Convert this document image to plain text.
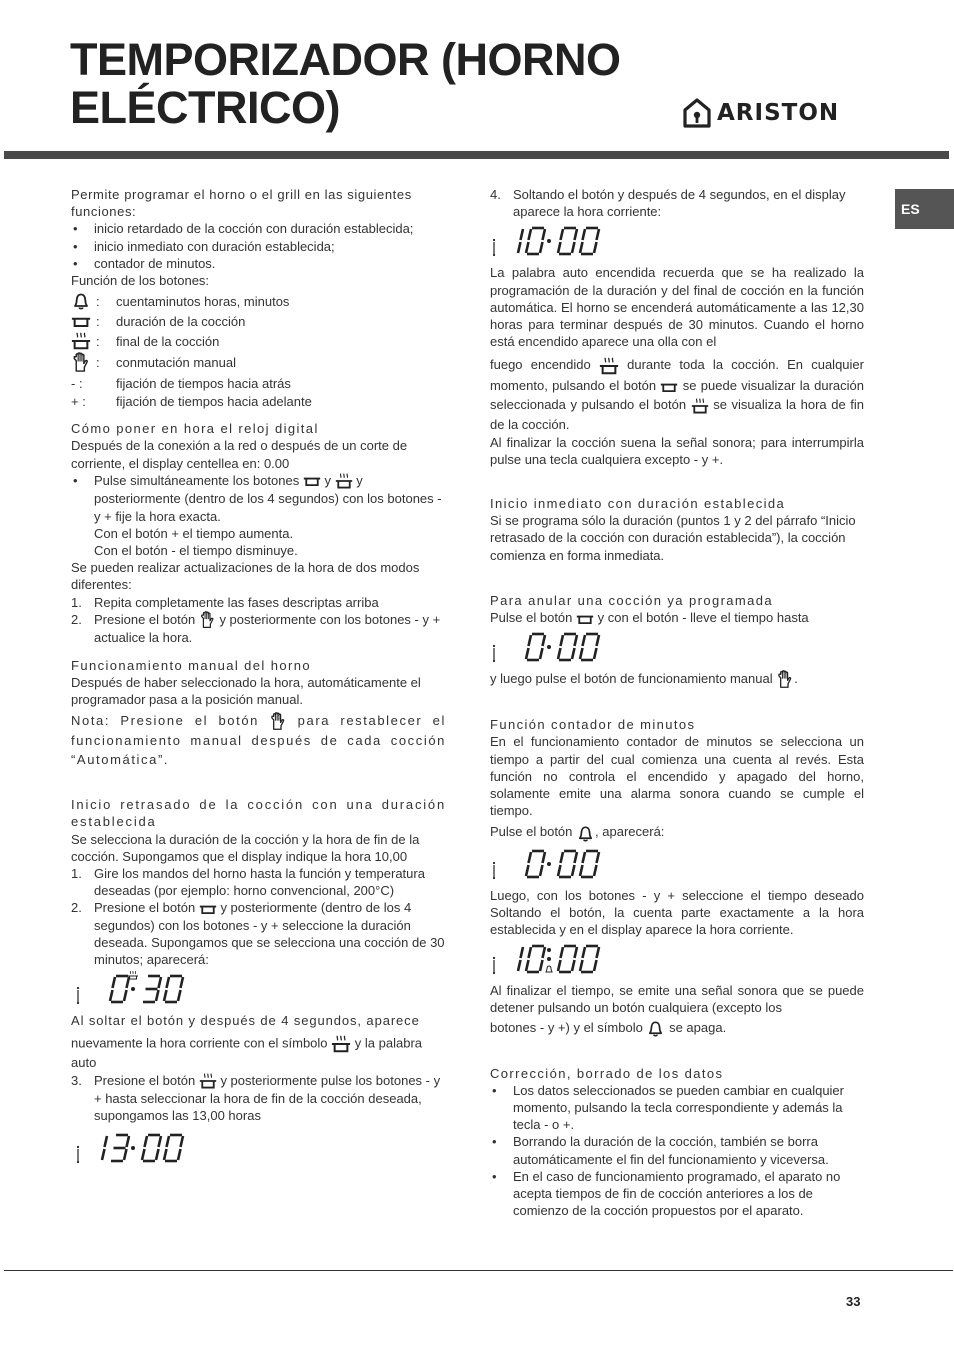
TEMPORIZADOR (HORNO
ELÉCTRICO)	ARISTON
ES

Permite programar el horno o el grill en las siguientes funciones:

• inicio retardado de la cocción con duración establecida;
• inicio inmediato con duración establecida;
• contador de minutos.

Función de los botones:

:	cuentaminutos horas, minutos
:	duración de la cocción
:	final de la cocción
:	conmutación manual
- :	fijación de tiempos hacia atrás
+ :	fijación de tiempos hacia adelante

Cómo poner en hora el reloj digital

Después de la conexión a la red o después de un corte de corriente, el display centellea en: 0.00

• Pulse simultáneamente los botones y y posteriormente (dentro de los 4 segundos) con los botones - y + fije la hora exacta.
Con el botón + el tiempo aumenta.
Con el botón - el tiempo disminuye.

Se pueden realizar actualizaciones de la hora de dos modos diferentes:

1. Repita completamente las fases descriptas arriba
2. Presione el botón y posteriormente con los botones - y + actualice la hora.

Funcionamiento manual del horno

Después de haber seleccionado la hora, automáticamente el programador pasa a la posición manual.

Nota: Presione el botón	para restablecer el funcionamiento manual después de cada cocción “Automática”.

Inicio retrasado de la cocción con una duración establecida

Se selecciona la duración de la cocción y la hora de fin de la cocción. Supongamos que el display indique la hora 10,00

1. Gire los mandos del horno hasta la función y temperatura deseadas (por ejemplo: horno convencional, 200°C)
2. Presione el botón y posteriormente (dentro de los 4 segundos) con los botones - y + seleccione la duración deseada. Supongamos que se selecciona una cocción de 30 minutos; aparecerá:

Al soltar el botón y después de 4 segundos, aparece

nuevamente la hora corriente con el símbolo y la palabra auto

3. Presione el botón y posteriormente pulse los botones - y + hasta seleccionar la hora de fin de la cocción deseada, supongamos las 13,00 horas
4. Soltando el botón y después de 4 segundos, en el display aparece la hora corriente:

La palabra auto encendida recuerda que se ha realizado la programación de la duración y del final de cocción en la función automática. El horno se encenderá automáticamente a las 12,30 horas para terminar después de 30 minutos. Cuando el horno está encendido aparece una olla con el

fuego encendido	durante toda la cocción. En cualquier momento, pulsando el botón se puede visualizar la duración seleccionada y pulsando el botón se visualiza la hora de fin de la cocción.

Al finalizar la cocción suena la señal sonora; para interrumpirla pulse una tecla cualquiera excepto - y +.

Inicio inmediato con duración establecida

Si se programa sólo la duración (puntos 1 y 2 del párrafo “Inicio retrasado de la cocción con duración establecida”), la cocción comienza en forma inmediata.

Para anular una cocción ya programada

Pulse el botón y con el botón - lleve el tiempo hasta

y luego pulse el botón de funcionamiento manual .

Función contador de minutos

En el funcionamiento contador de minutos se selecciona un tiempo a partir del cual comienza una cuenta al revés. Esta función no controla el encendido y apagado del horno, solamente emite una alarma sonora cuando se cumple el tiempo.

Pulse el botón , aparecerá:

Luego, con los botones - y + seleccione el tiempo deseado Soltando el botón, la cuenta parte exactamente a la hora establecida y en el display aparece la hora corriente.

Al finalizar el tiempo, se emite una señal sonora que se puede detener pulsando un botón cualquiera (excepto los

botones - y +) y el símbolo se apaga.

Corrección, borrado de los datos

• Los datos seleccionados se pueden cambiar en cualquier momento, pulsando la tecla correspondiente y además la tecla - o +.
• Borrando la duración de la cocción, también se borra automáticamente el fin del funcionamiento y viceversa.
• En el caso de funcionamiento programado, el aparato no acepta tiempos de fin de cocción anteriores a los de comienzo de la cocción propuestos por el aparato.
33
